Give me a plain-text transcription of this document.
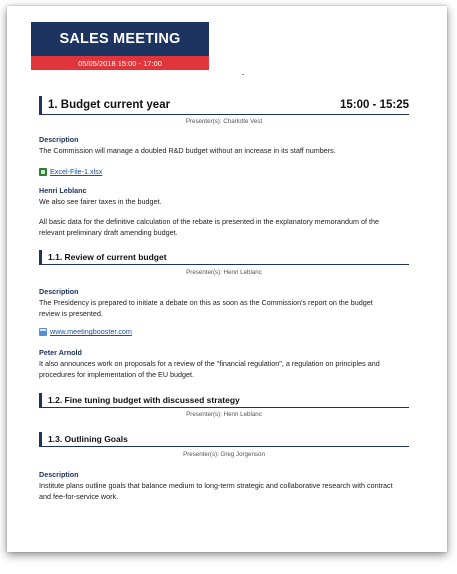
SALES MEETING
05/05/2018 15:00 - 17:00
1. Budget current year	15:00 - 15:25
Presenter(s): Charlotte Vest
Description
The Commission will manage a doubled R&D budget without an increase in its staff numbers.
Excel-File-1.xlsx
Henri Leblanc
We also see fairer taxes in the budget.
All basic data for the definitive calculation of the rebate is presented in the explanatory memorandum of the relevant preliminary draft amending budget.
1.1. Review of current budget
Presenter(s): Henri Leblanc
Description
The Presidency is prepared to initiate a debate on this as soon as the Commission's report on the budget review is presented.
www.meetingbooster.com
Peter Arnold
It also announces work on proposals for a review of the "financial regulation", a regulation on principles and procedures for implementation of the EU budget.
1.2. Fine tuning budget with discussed strategy
Presenter(s): Henri Leblanc
1.3. Outlining Goals
Presenter(s): Greg Jorgenson
Description
Institute plans outline goals that balance medium to long-term strategic and collaborative research with contract and fee-for-service work.
